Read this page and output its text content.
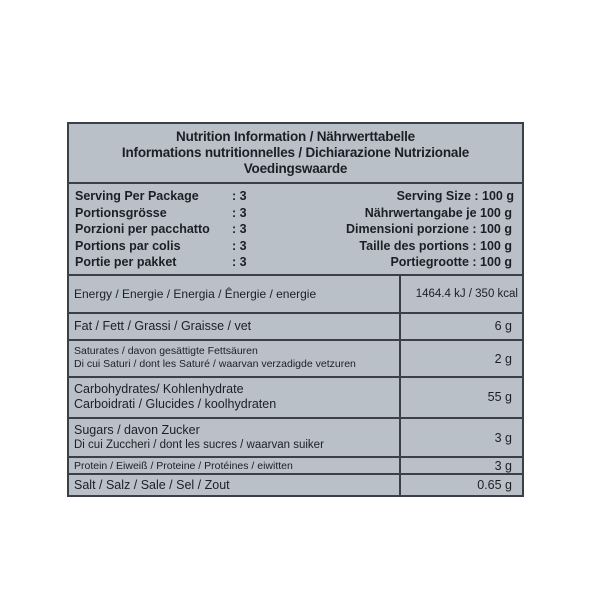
Nutrition Information / Nährwerttabelle
Informations nutritionnelles / Dichiarazione Nutrizionale
Voedingswaarde
Serving Per Package	: 3	Serving Size : 100 g
Portionsgrösse	: 3	Nährwertangabe je 100 g
Porzioni per pacchatto : 3	Dimensioni porzione : 100 g
Portions par colis	: 3	Taille des portions : 100 g
Portie per pakket	: 3	Portiegrootte : 100 g
Energy / Energie / Energia / Ênergie / energie	1464.4 kJ / 350 kcal
Fat / Fett / Grassi / Graisse / vet	6 g
Saturates / davon gesättigte Fettsäuren
Di cui Saturi / dont les Saturé / waarvan verzadigde vetzuren	2 g
Carbohydrates/ Kohlenhydrate
Carboidrati / Glucides / koolhydraten	55 g
Sugars / davon Zucker
Di cui Zuccheri / dont les sucres / waarvan suiker	3 g
Protein / Eiweiß / Proteine / Protéines / eiwitten	3 g
Salt / Salz / Sale / Sel / Zout	0.65 g
